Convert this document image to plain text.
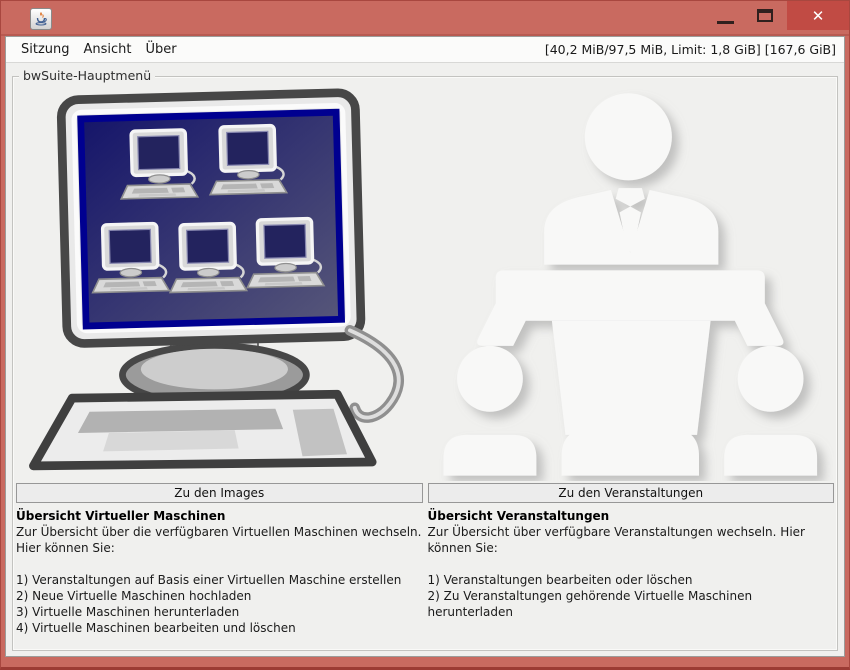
✕
Sitzung	Ansicht	Über	[40,2 MiB/97,5 MiB, Limit: 1,8 GiB] [167,6 GiB]
bwSuite-Hauptmenü
Zu den Images
Übersicht Virtueller Maschinen
Zur Übersicht über die verfügbaren Virtuellen Maschinen wechseln. Hier können Sie:
1) Veranstaltungen auf Basis einer Virtuellen Maschine erstellen
2) Neue Virtuelle Maschinen hochladen
3) Virtuelle Maschinen herunterladen
4) Virtuelle Maschinen bearbeiten und löschen
Zu den Veranstaltungen
Übersicht Veranstaltungen
Zur Übersicht über verfügbare Veranstaltungen wechseln. Hier können Sie:
1) Veranstaltungen bearbeiten oder löschen
2) Zu Veranstaltungen gehörende Virtuelle Maschinen herunterladen
